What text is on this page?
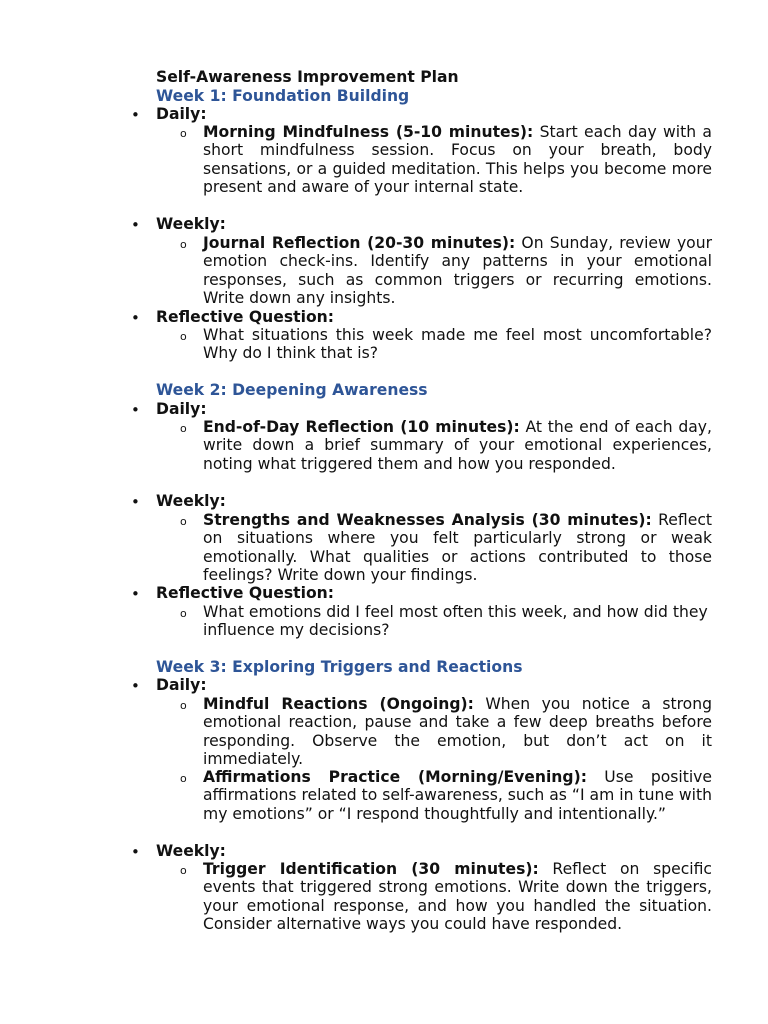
Self-Awareness Improvement Plan
Week 1: Foundation Building
• Daily:
o Morning Mindfulness (5-10 minutes): Start each day with a short mindfulness session. Focus on your breath, body sensations, or a guided meditation. This helps you become more present and aware of your internal state.
• Weekly:
o Journal Reflection (20-30 minutes): On Sunday, review your emotion check-ins. Identify any patterns in your emotional responses, such as common triggers or recurring emotions. Write down any insights.
• Reflective Question:
o What situations this week made me feel most uncomfortable? Why do I think that is?
Week 2: Deepening Awareness
• Daily:
o End-of-Day Reflection (10 minutes): At the end of each day, write down a brief summary of your emotional experiences, noting what triggered them and how you responded.
• Weekly:
o Strengths and Weaknesses Analysis (30 minutes): Reflect on situations where you felt particularly strong or weak emotionally. What qualities or actions contributed to those feelings? Write down your findings.
• Reflective Question:
o What emotions did I feel most often this week, and how did they influence my decisions?
Week 3: Exploring Triggers and Reactions
• Daily:
o Mindful Reactions (Ongoing): When you notice a strong emotional reaction, pause and take a few deep breaths before responding. Observe the emotion, but don’t act on it immediately.
o Affirmations Practice (Morning/Evening): Use positive affirmations related to self-awareness, such as “I am in tune with my emotions” or “I respond thoughtfully and intentionally.”
• Weekly:
o Trigger Identification (30 minutes): Reflect on specific events that triggered strong emotions. Write down the triggers, your emotional response, and how you handled the situation. Consider alternative ways you could have responded.
